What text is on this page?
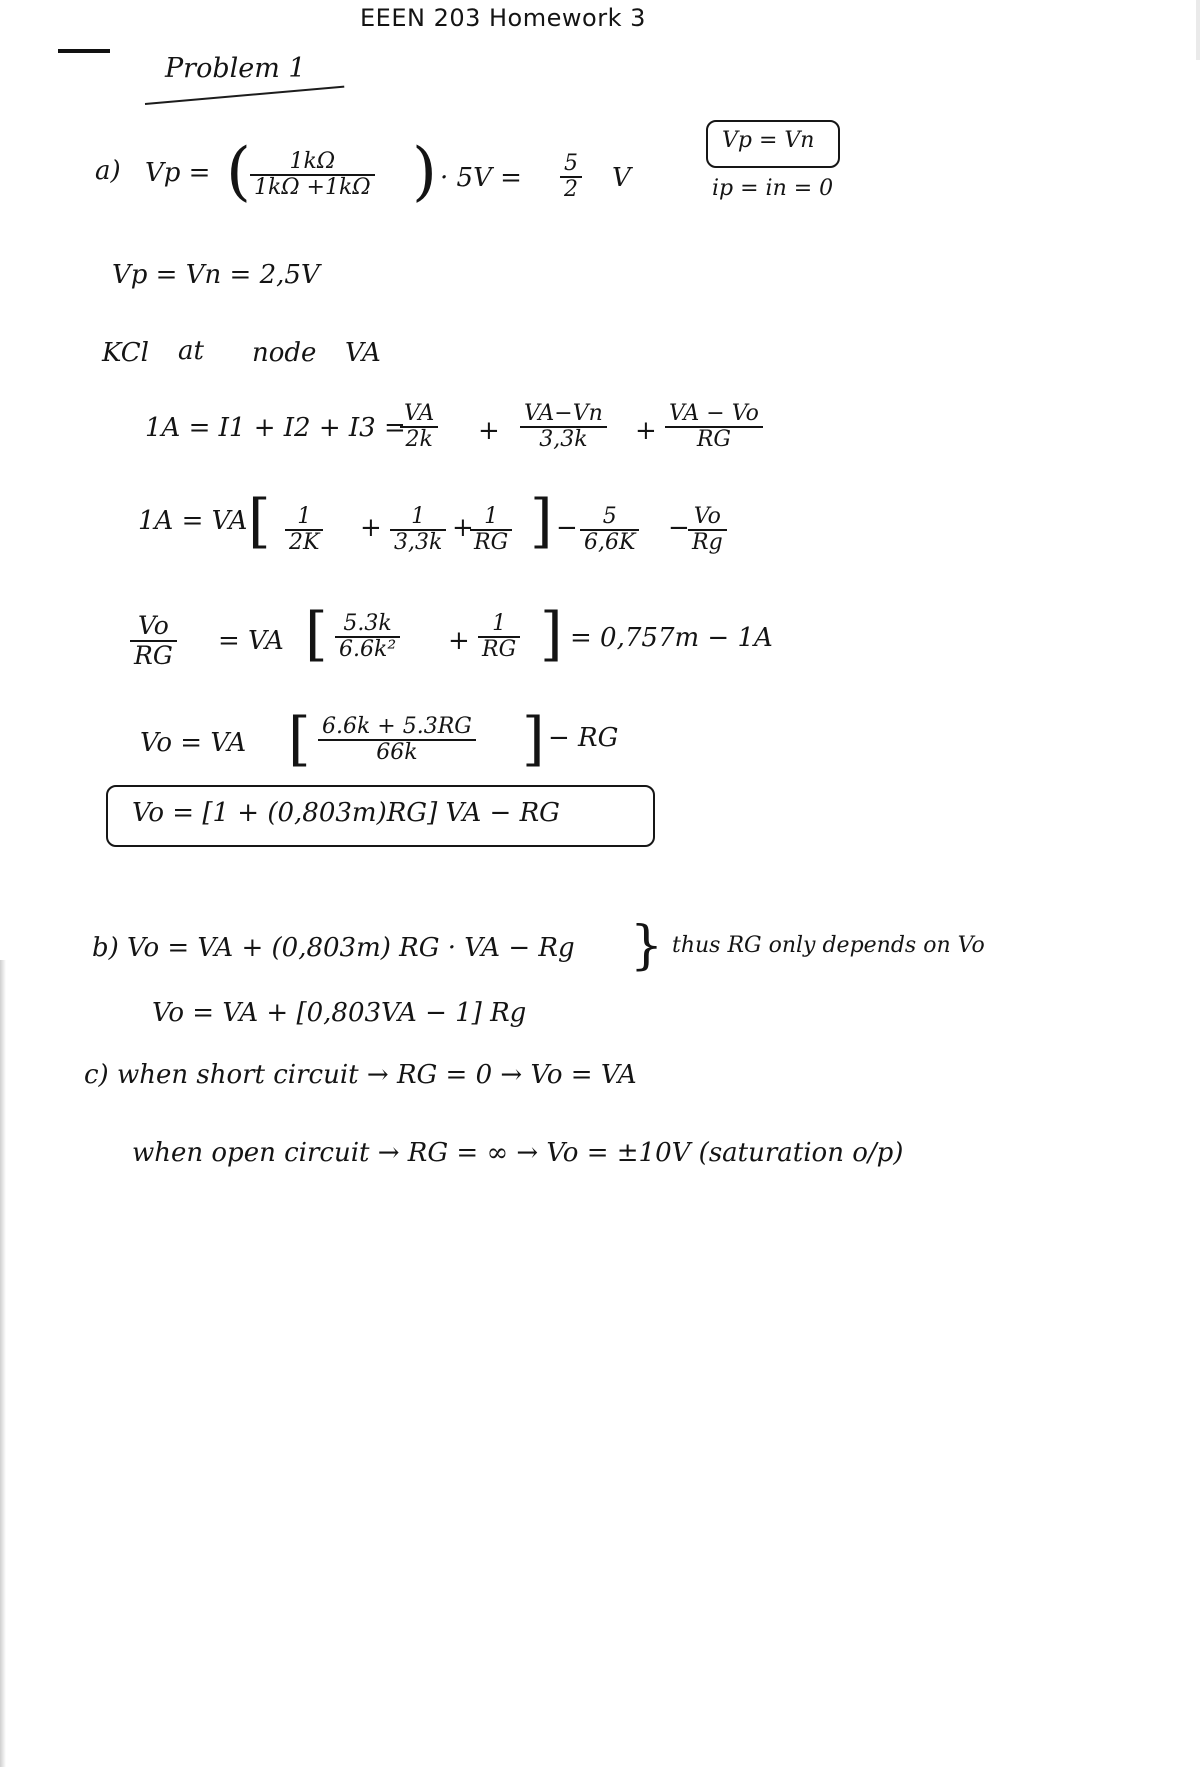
EEEN 203 Homework 3
Problem 1
a) Vp = ( $\frac{1k\Omega}{1k\Omega +1k\Omega}$ ) · $5V = \frac{5}{2}$ V
Vp = Vn
ip = in = 0
Vp = Vn = 2,5V
KCl at node VA
1A = I1 + I2 + I3 =
$\frac{VA}{2k} + \frac{VA-Vn}{3,3k} + \frac{VA - Vo}{RG}$
1A = VA [ $\frac{1}{2K} + \frac{1}{3,3k}$ +
$\frac{1}{RG}$ ] − $\frac{5}{6,6K}$ −
$\frac{Vo}{Rg}$
$\frac{Vo}{RG}$ = VA [ $\frac{5.3k}{\text{6.6k²}} + \frac{1}{RG}$ ] = 0,757m − 1A
Vo = VA [ $\frac{6.6k + 5.3RG}{66k}$ ] − RG
Vo = [1 + (0,803m)RG] VA − RG
b) Vo = VA + (0,803m) RG · VA − Rg } thus RG only depends on Vo
Vo = VA + [0,803VA − 1] Rg
c) when short circuit → RG = 0 → Vo = VA
when open circuit → RG = ∞ → Vo = ±10V (saturation o/p)
